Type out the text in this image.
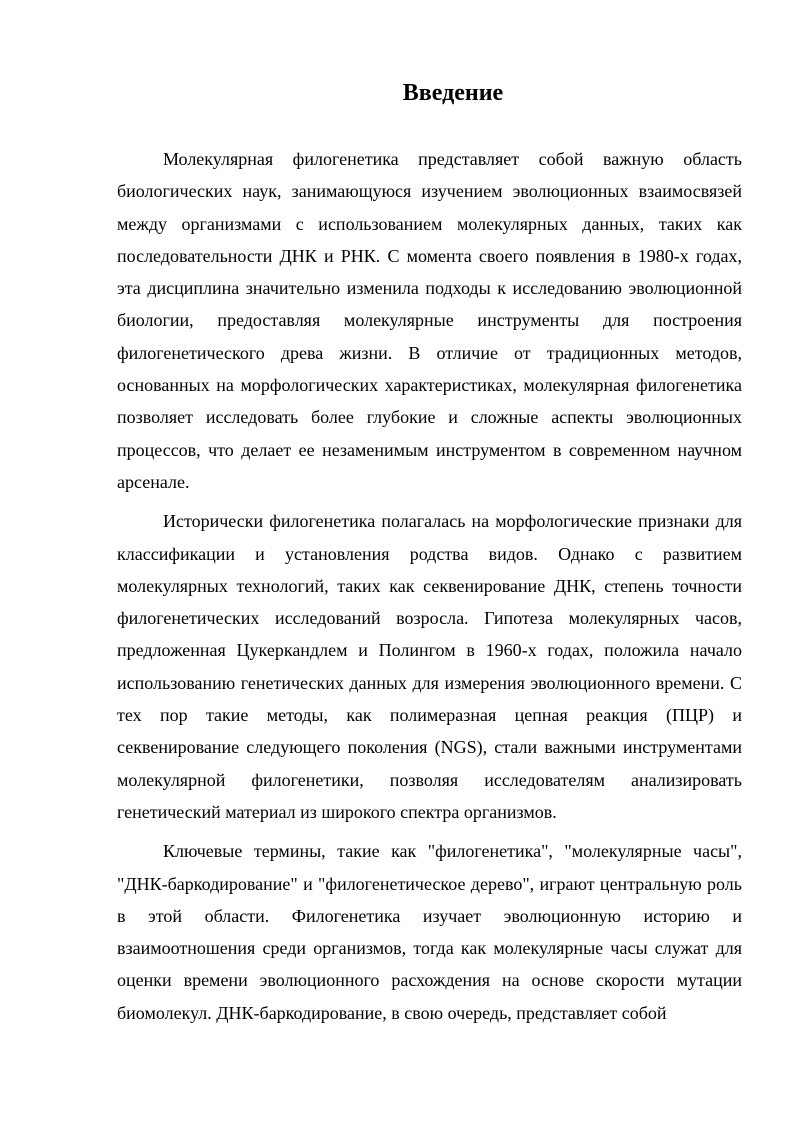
Введение

Молекулярная филогенетика представляет собой важную область биологических наук, занимающуюся изучением эволюционных взаимосвязей между организмами с использованием молекулярных данных, таких как последовательности ДНК и РНК. С момента своего появления в 1980-х годах, эта дисциплина значительно изменила подходы к исследованию эволюционной биологии, предоставляя молекулярные инструменты для построения филогенетического древа жизни. В отличие от традиционных методов, основанных на морфологических характеристиках, молекулярная филогенетика позволяет исследовать более глубокие и сложные аспекты эволюционных процессов, что делает ее незаменимым инструментом в современном научном арсенале.

Исторически филогенетика полагалась на морфологические признаки для классификации и установления родства видов. Однако с развитием молекулярных технологий, таких как секвенирование ДНК, степень точности филогенетических исследований возросла. Гипотеза молекулярных часов, предложенная Цукеркандлем и Полингом в 1960-х годах, положила начало использованию генетических данных для измерения эволюционного времени. С тех пор такие методы, как полимеразная цепная реакция (ПЦР) и секвенирование следующего поколения (NGS), стали важными инструментами молекулярной филогенетики, позволяя исследователям анализировать генетический материал из широкого спектра организмов.

Ключевые термины, такие как "филогенетика", "молекулярные часы", "ДНК-баркодирование" и "филогенетическое дерево", играют центральную роль в этой области. Филогенетика изучает эволюционную историю и взаимоотношения среди организмов, тогда как молекулярные часы служат для оценки времени эволюционного расхождения на основе скорости мутации биомолекул. ДНК-баркодирование, в свою очередь, представляет собой
